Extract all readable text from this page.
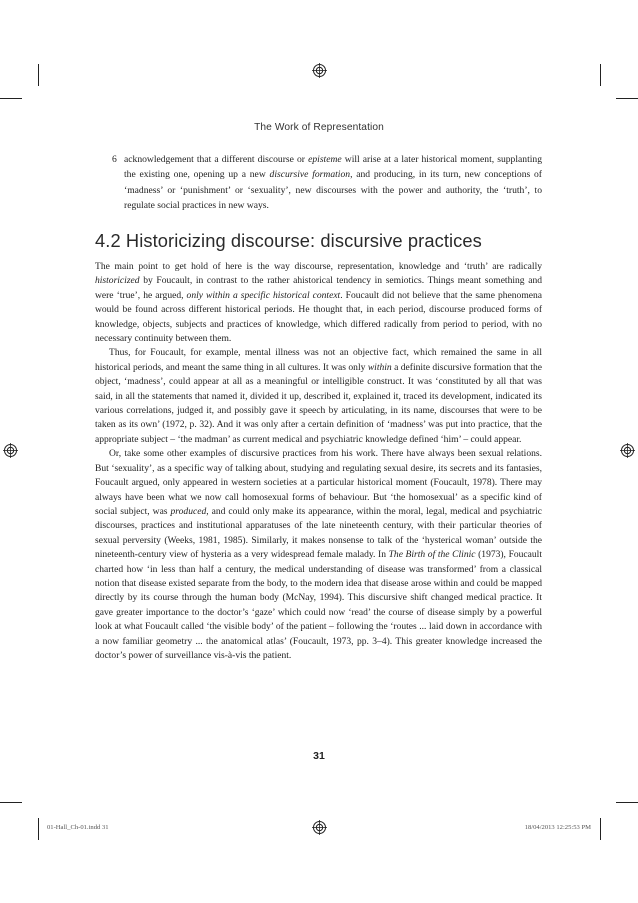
The Work of Representation
6 acknowledgement that a different discourse or episteme will arise at a later historical moment, supplanting the existing one, opening up a new discursive formation, and producing, in its turn, new conceptions of ‘madness’ or ‘punishment’ or ‘sexuality’, new discourses with the power and authority, the ‘truth’, to regulate social practices in new ways.
4.2 Historicizing discourse: discursive practices

The main point to get hold of here is the way discourse, representation, knowledge and ‘truth’ are radically historicized by Foucault, in contrast to the rather ahistorical tendency in semiotics. Things meant something and were ‘true’, he argued, only within a specific historical context. Foucault did not believe that the same phenomena would be found across different historical periods. He thought that, in each period, discourse produced forms of knowledge, objects, subjects and practices of knowledge, which differed radically from period to period, with no necessary continuity between them.

Thus, for Foucault, for example, mental illness was not an objective fact, which remained the same in all historical periods, and meant the same thing in all cultures. It was only within a definite discursive formation that the object, ‘madness’, could appear at all as a meaningful or intelligible construct. It was ‘constituted by all that was said, in all the statements that named it, divided it up, described it, explained it, traced its development, indicated its various correlations, judged it, and possibly gave it speech by articulating, in its name, discourses that were to be taken as its own’ (1972, p. 32). And it was only after a certain definition of ‘madness’ was put into practice, that the appropriate subject – ‘the madman’ as current medical and psychiatric knowledge defined ‘him’ – could appear.

Or, take some other examples of discursive practices from his work. There have always been sexual relations. But ‘sexuality’, as a specific way of talking about, studying and regulating sexual desire, its secrets and its fantasies, Foucault argued, only appeared in western societies at a particular historical moment (Foucault, 1978). There may always have been what we now call homosexual forms of behaviour. But ‘the homosexual’ as a specific kind of social subject, was produced, and could only make its appearance, within the moral, legal, medical and psychiatric discourses, practices and institutional apparatuses of the late nineteenth century, with their particular theories of sexual perversity (Weeks, 1981, 1985). Similarly, it makes nonsense to talk of the ‘hysterical woman’ outside the nineteenth-century view of hysteria as a very widespread female malady. In The Birth of the Clinic (1973), Foucault charted how ‘in less than half a century, the medical understanding of disease was transformed’ from a classical notion that disease existed separate from the body, to the modern idea that disease arose within and could be mapped directly by its course through the human body (McNay, 1994). This discursive shift changed medical practice. It gave greater importance to the doctor’s ‘gaze’ which could now ‘read’ the course of disease simply by a powerful look at what Foucault called ‘the visible body’ of the patient – following the ‘routes ... laid down in accordance with a now familiar geometry ... the anatomical atlas’ (Foucault, 1973, pp. 3–4). This greater knowledge increased the doctor’s power of surveillance vis-à-vis the patient.

31
01-Hall_Ch-01.indd 31	18/04/2013 12:25:53 PM
